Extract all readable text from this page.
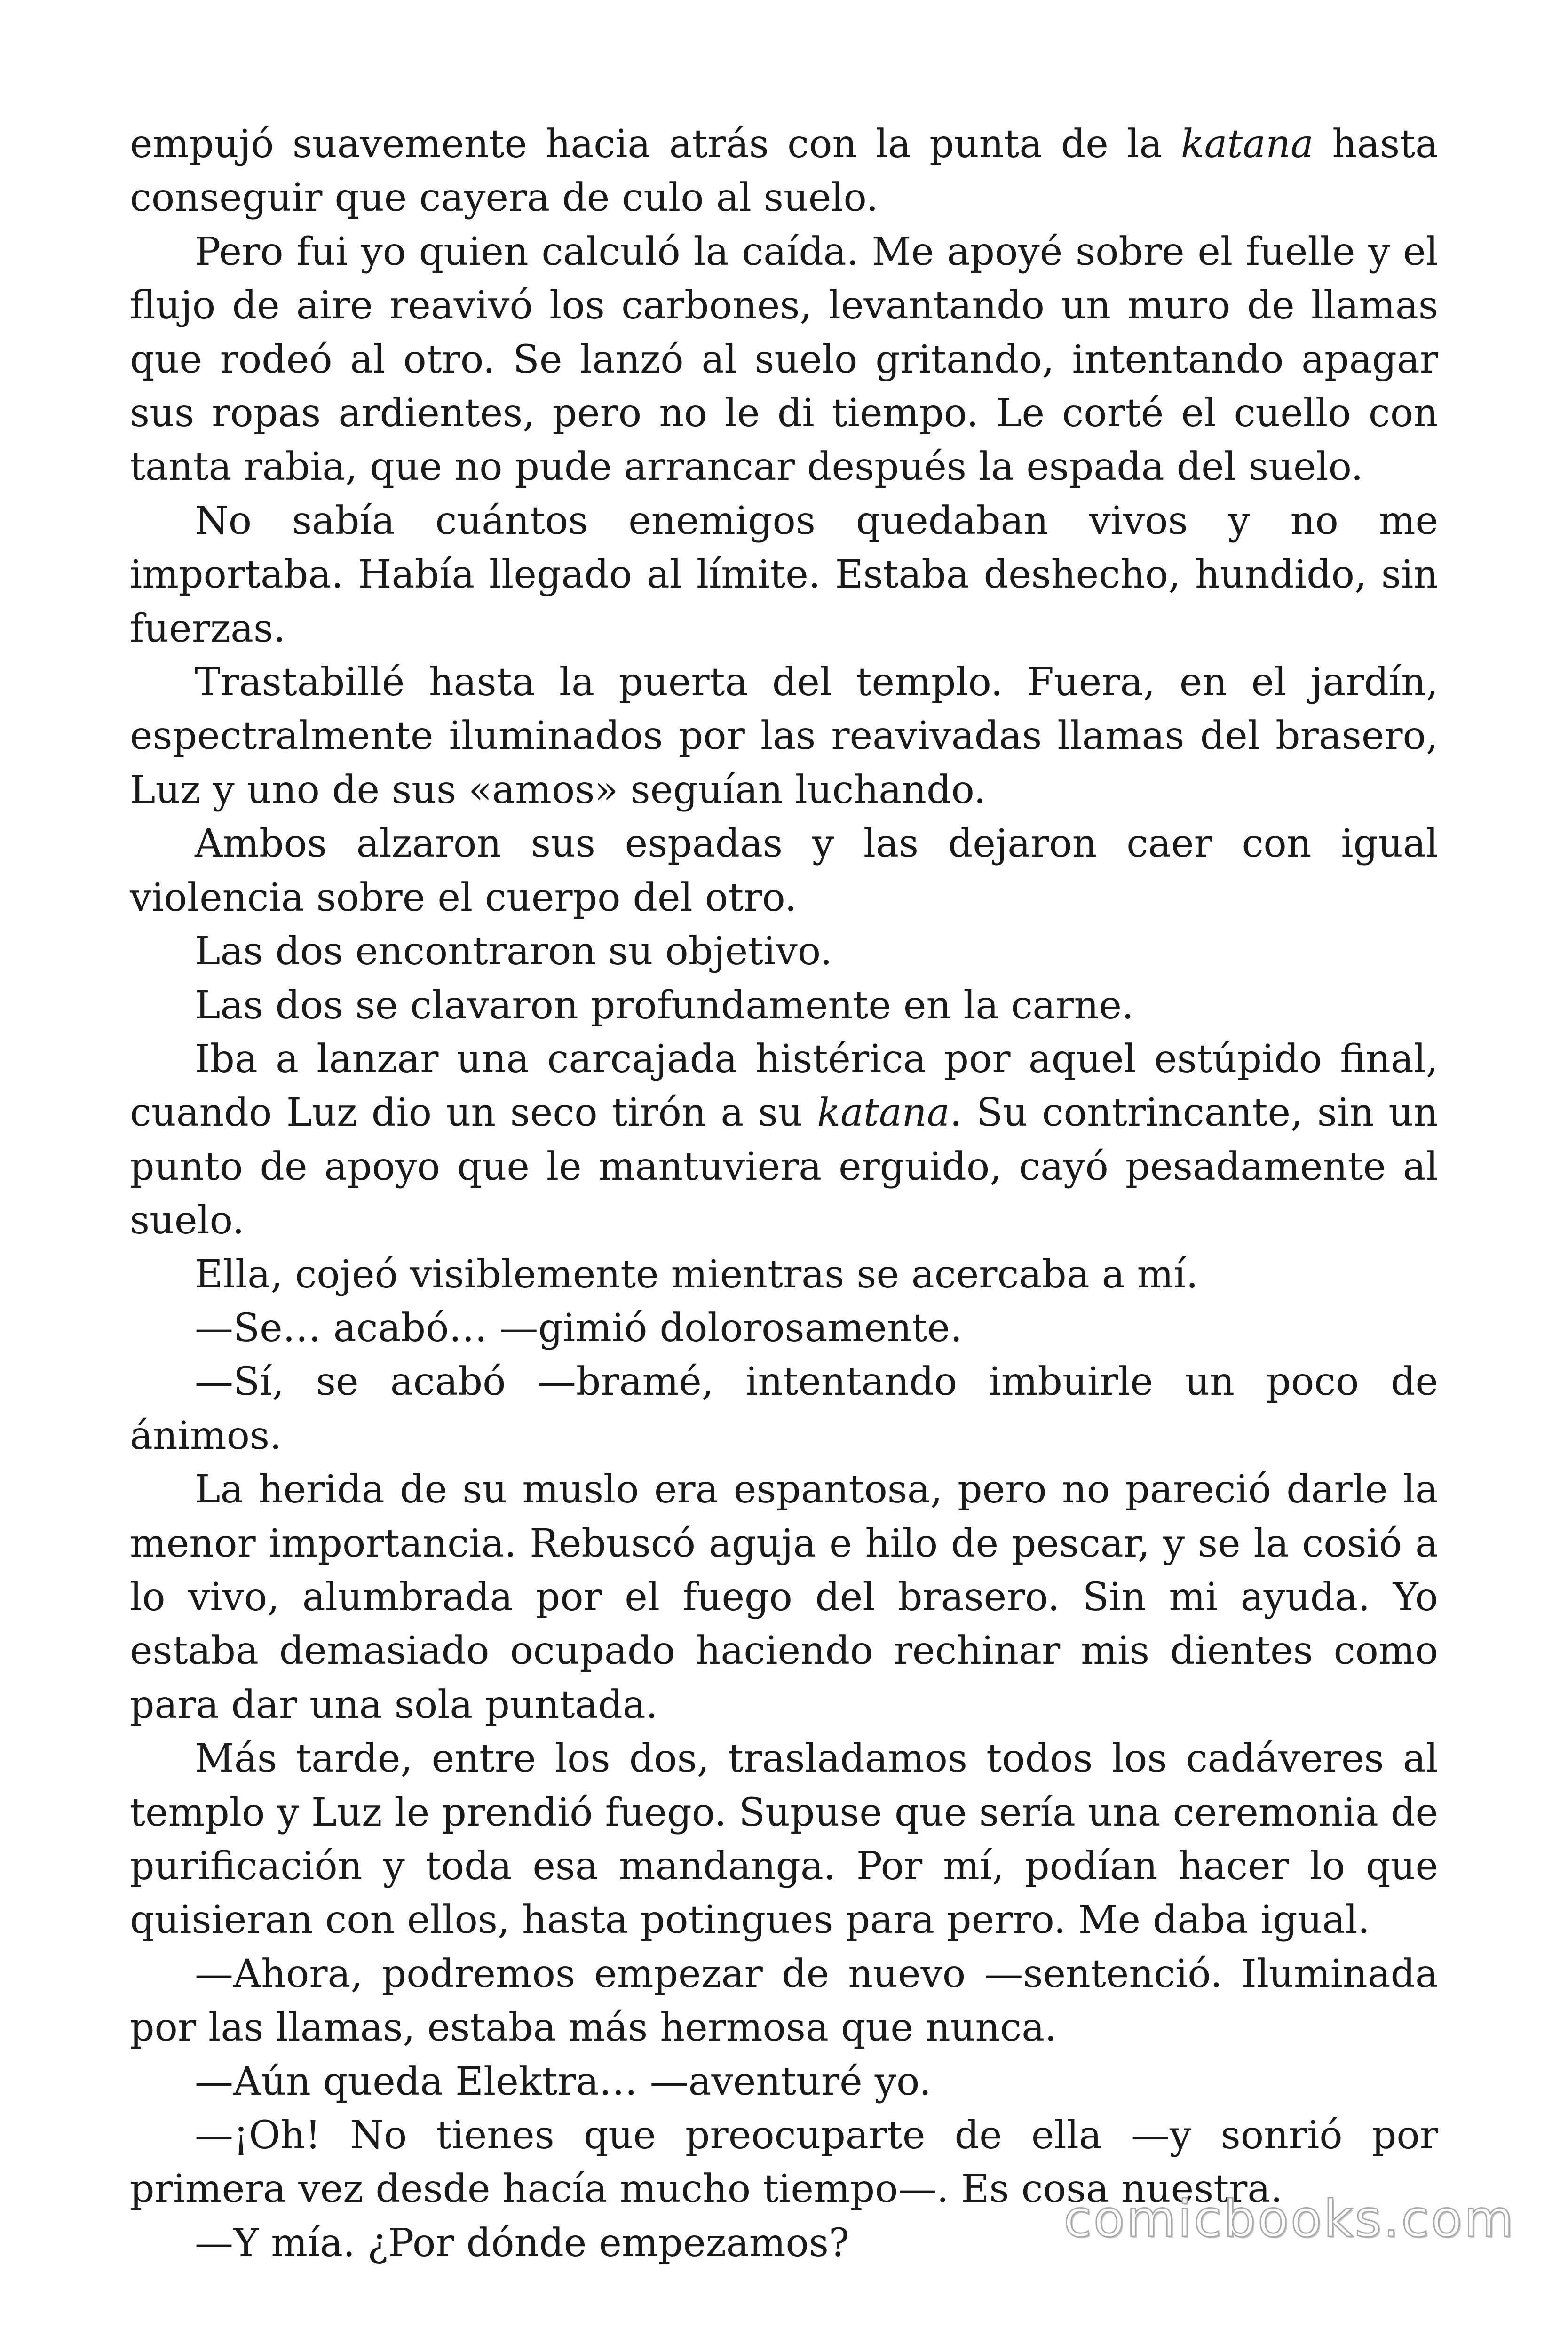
empujó suavemente hacia atrás con la punta de la katana hasta conseguir que cayera de culo al suelo.

Pero fui yo quien calculó la caída. Me apoyé sobre el fuelle y el flujo de aire reavivó los carbones, levantando un muro de llamas que rodeó al otro. Se lanzó al suelo gritando, intentando apagar sus ropas ardientes, pero no le di tiempo. Le corté el cuello con tanta rabia, que no pude arrancar después la espada del suelo.

No sabía cuántos enemigos quedaban vivos y no me importaba. Había llegado al límite. Estaba deshecho, hundido, sin fuerzas.

Trastabillé hasta la puerta del templo. Fuera, en el jardín, espectralmente iluminados por las reavivadas llamas del brasero, Luz y uno de sus «amos» seguían luchando.

Ambos alzaron sus espadas y las dejaron caer con igual violencia sobre el cuerpo del otro.

Las dos encontraron su objetivo.

Las dos se clavaron profundamente en la carne.

Iba a lanzar una carcajada histérica por aquel estúpido final, cuando Luz dio un seco tirón a su katana. Su contrincante, sin un punto de apoyo que le mantuviera erguido, cayó pesadamente al suelo.

Ella, cojeó visiblemente mientras se acercaba a mí.

—Se… acabó… —gimió dolorosamente.

—Sí, se acabó —bramé, intentando imbuirle un poco de ánimos.

La herida de su muslo era espantosa, pero no pareció darle la menor importancia. Rebuscó aguja e hilo de pescar, y se la cosió a lo vivo, alumbrada por el fuego del brasero. Sin mi ayuda. Yo estaba demasiado ocupado haciendo rechinar mis dientes como para dar una sola puntada.

Más tarde, entre los dos, trasladamos todos los cadáveres al templo y Luz le prendió fuego. Supuse que sería una ceremonia de purificación y toda esa mandanga. Por mí, podían hacer lo que quisieran con ellos, hasta potingues para perro. Me daba igual.

—Ahora, podremos empezar de nuevo —sentenció. Iluminada por las llamas, estaba más hermosa que nunca.

—Aún queda Elektra… —aventuré yo.

—¡Oh! No tienes que preocuparte de ella —y sonrió por primera vez desde hacía mucho tiempo—. Es cosa nuestra.

—Y mía. ¿Por dónde empezamos?	comicbooks.com
